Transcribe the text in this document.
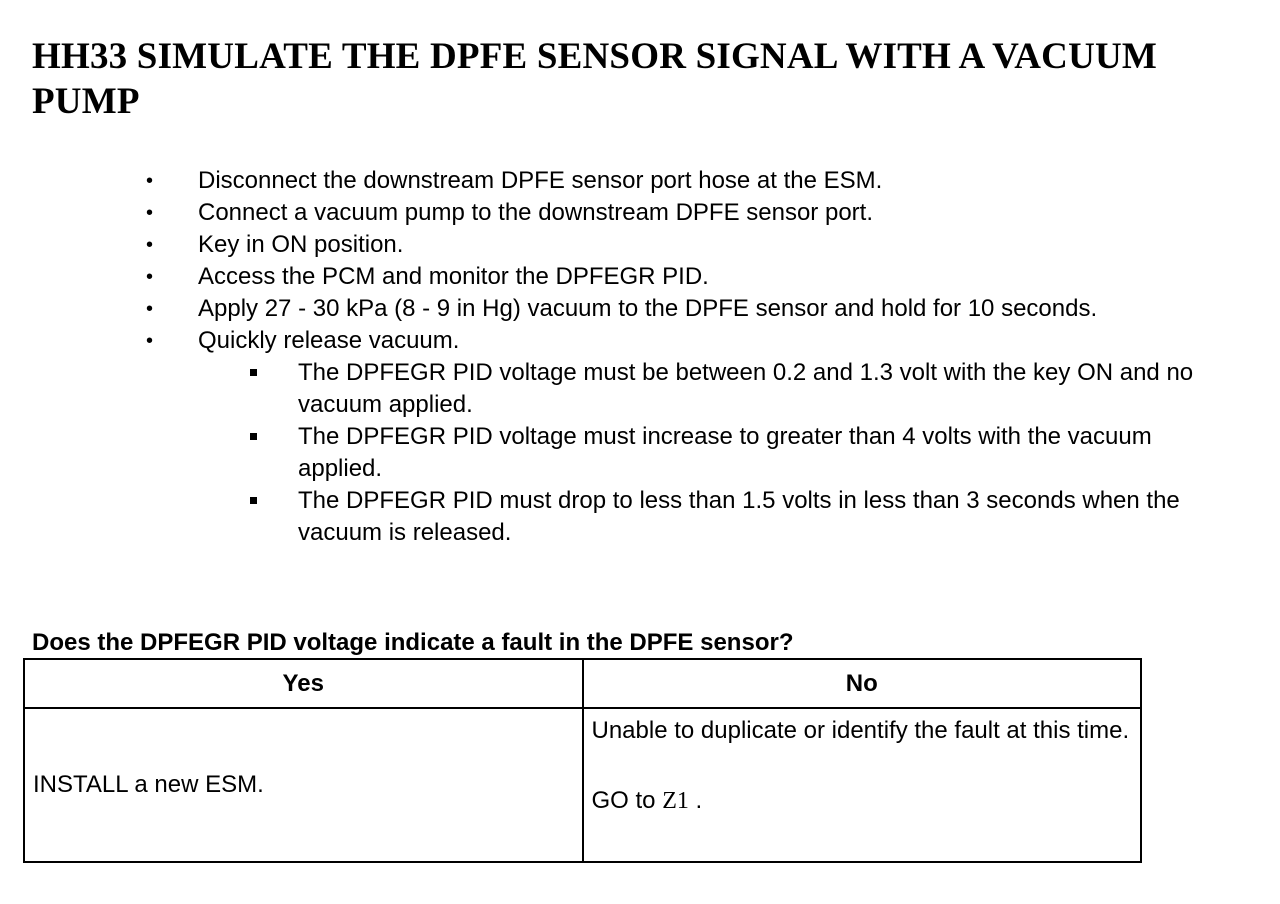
HH33 SIMULATE THE DPFE SENSOR SIGNAL WITH A VACUUM PUMP
• Disconnect the downstream DPFE sensor port hose at the ESM.
• Connect a vacuum pump to the downstream DPFE sensor port.
• Key in ON position.
• Access the PCM and monitor the DPFEGR PID.
• Apply 27 - 30 kPa (8 - 9 in Hg) vacuum to the DPFE sensor and hold for 10 seconds.
• Quickly release vacuum.
The DPFEGR PID voltage must be between 0.2 and 1.3 volt with the key ON and no vacuum applied.
The DPFEGR PID voltage must increase to greater than 4 volts with the vacuum applied.
The DPFEGR PID must drop to less than 1.5 volts in less than 3 seconds when the vacuum is released.

Does the DPFEGR PID voltage indicate a fault in the DPFE sensor?

Yes	No
INSTALL a new ESM.	Unable to duplicate or identify the fault at this time.

GO to Z1 .
